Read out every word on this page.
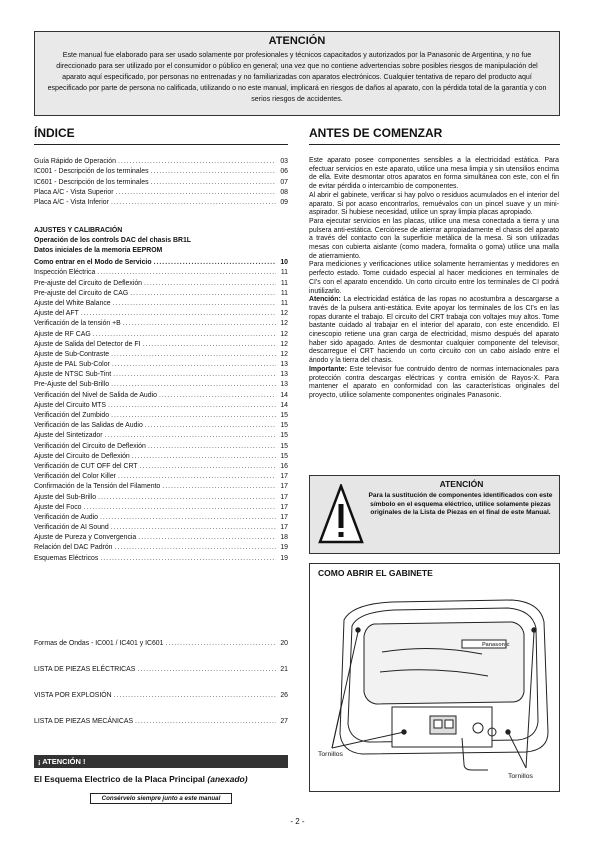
ATENCIÓN
Este manual fue elaborado para ser usado solamente por profesionales y técnicos capacitados y autorizados por la Panasonic de Argentina, y no fue direccionado para ser utilizado por el consumidor o público en general; una vez que no contiene advertencias sobre posibles riesgos de manipulación del aparato aquí especificado, por personas no entrenadas y no familiarizadas con aparatos electrónicos. Cualquier tentativa de reparo del producto aquí especificado por parte de persona no calificada, utilizando o no este manual, implicará en riesgos de daños al aparato, con la pérdida total de la garantía y con serios riesgos de accidentes.
ÍNDICE	ANTES DE COMENZAR
Guía Rápido de Operación .....	03
IC001 - Descripción de los terminales .....	06
IC601 - Descripción de los terminales .....	07
Placa A/C - Vista Superior .....	08
Placa A/C - Vista Inferior .....	09
AJUSTES Y CALIBRACIÓN
Operación de los controls DAC del chasis BR1L
Datos iniciales de la memoria EEPROM
Como entrar en el Modo de Servicio .....	10
Inspección Eléctrica .....	11
Pre-ajuste del Circuito de Deflexión .....	11
Pre-ajuste del Circuito de CAG .....	11
Ajuste del White Balance .....	11
Ajuste del AFT .....	12
Verificación de la tensión +B .....	12
Ajuste de RF CAG .....	12
Ajuste de Salida del Detector de FI .....	12
Ajuste de Sub-Contraste .....	12
Ajuste de PAL Sub-Color .....	13
Ajuste de NTSC Sub-Tint .....	13
Pre-Ajuste del Sub-Brillo .....	13
Verificación del Nivel de Salida de Audio .....	14
Ajuste del Circuito MTS .....	14
Verificación del Zumbido .....	15
Verificación de las Salidas de Audio .....	15
Ajuste del Sintetizador .....	15
Verificación del Circuito de Deflexión .....	15
Ajuste del Circuito de Deflexión .....	15
Verificación de CUT OFF del CRT .....	16
Verificación del Color Killer .....	17
Confirmación de la Tensión del Filamento .....	17
Ajuste del Sub-Brillo .....	17
Ajuste del Foco .....	17
Verificación de Audio .....	17
Verificación de AI Sound .....	17
Ajuste de Pureza y Convergencia .....	18
Relación del DAC Padrón .....	19
Esquemas Eléctricos .....	19
Formas de Ondas - IC001 / IC401 y IC601 .....	20
LISTA DE PIEZAS ELÉCTRICAS .....	21
VISTA POR EXPLOSIÓN .....	26
LISTA DE PIEZAS MECÁNICAS .....	27

Este aparato posee componentes sensibles a la electricidad estática. Para efectuar servicios en este aparato, utilice una mesa limpia y sin utensilios encima de ella. Evite desmontar otros aparatos en forma simultánea con este, con el fin de evitar pérdida o intercambio de componentes.

Al abrir el gabinete, verificar si hay polvo o residuos acumulados en el interior del aparato. Si por acaso encontrarlos, remuévalos con un pincel suave y un mini-aspirador. Si hubiese necesidad, utilice un spray limpia placas apropiado.

Para ejecutar servicios en las placas, utilice una mesa conectada a tierra y una pulsera anti-estática. Cerciórese de atierrar apropiadamente el chasis del aparato a través del contacto con la superficie metálica de la mesa. Si son utilizadas mesas con cubierta aislante (como madera, formalita o goma) utilice una malla de atierramiento.

Para mediciones y verificaciones utilice solamente herramientas y medidores en perfecto estado. Tome cuidado especial al hacer mediciones en terminales de CI's con el aparato encendido. Un corto circuito entre los terminales de CI podrá inutilizarlo.

Atención: La electricidad estática de las ropas no acostumbra a descargarse a través de la pulsera anti-estática. Evite apoyar los terminales de los CI's en las ropas durante el trabajo. El circuito del CRT trabaja con voltajes muy altos. Tome bastante cuidado al trabajar en el interior del aparato, con este encendido. El cinescopio retiene una gran carga de electricidad, mismo después del aparato haber sido apagado. Antes de desmontar cualquier componente del televisor, descarregue el CRT haciendo un corto circuito con un cabo aislado entre el ánodo y la tierra del chasis.

Importante: Este televisor fue contruido dentro de normas internacionales para protección contra descargas eléctricas y contra emisión de Rayos-X. Para mantener el aparato en conformidad con las características originales del proyecto, utilice solamente componentes originales Panasonic.

ATENCIÓN
Para la sustitución de componentes identificados con este símbolo en el esquema eléctrico, utilice solamente piezas originales de la Lista de Piezas en el final de este Manual.
COMO ABRIR EL GABINETE
Panasonic
Tornillos
Tornillos
¡ ATENCIÓN !
El Esquema Electrico de la Placa Principal (anexado)
Consérvelo siempre junto a este manual
- 2 -
